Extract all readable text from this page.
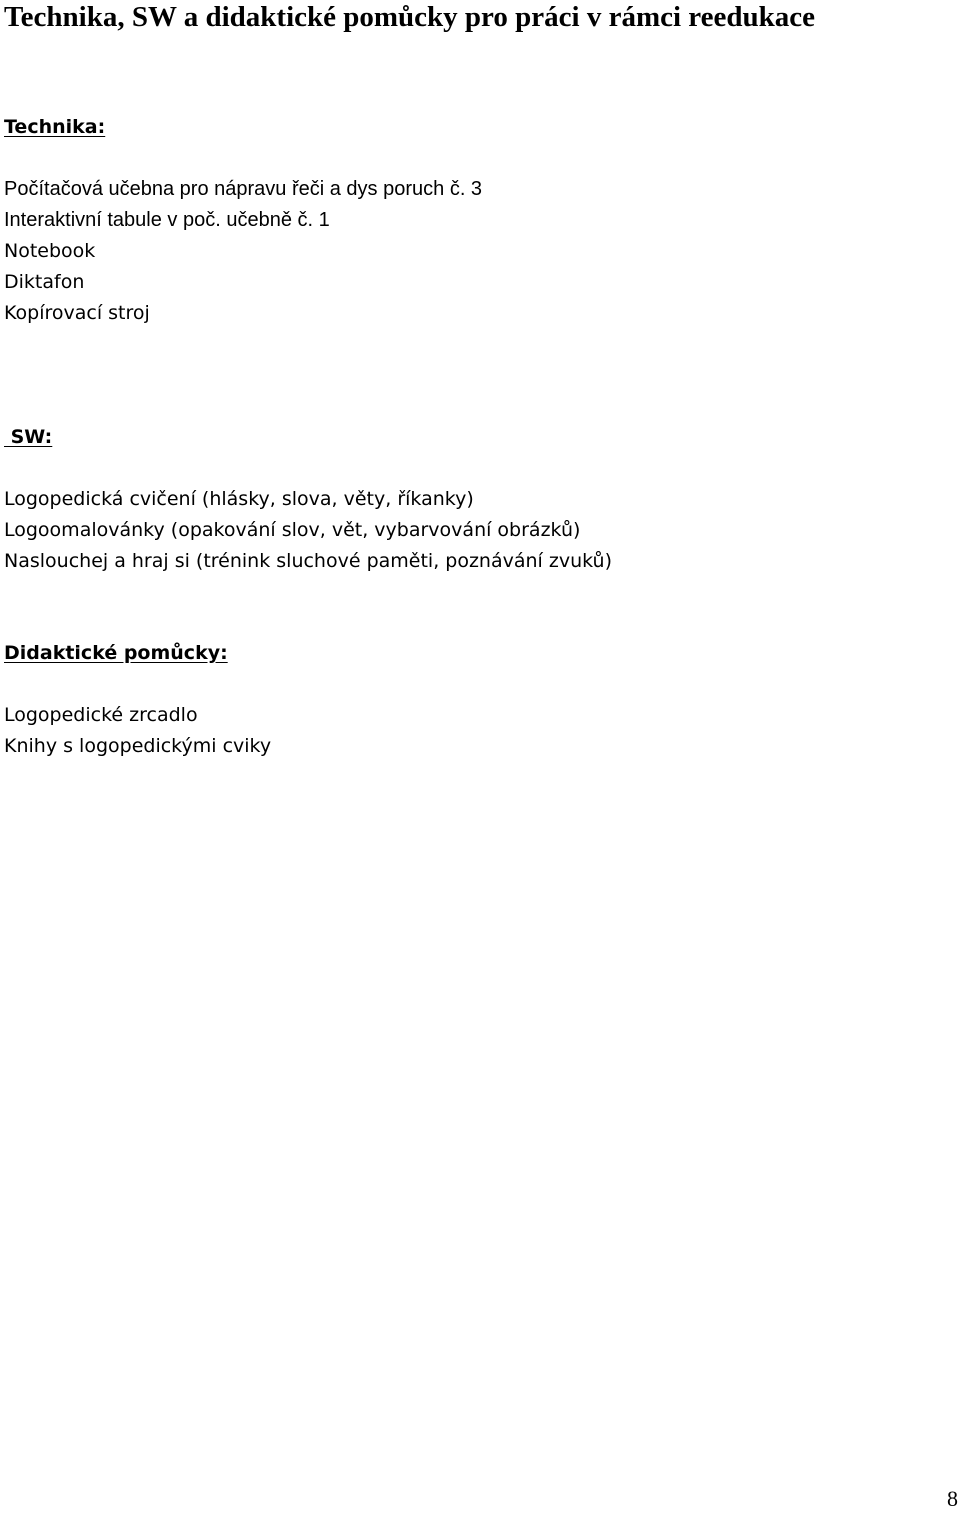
Technika, SW a didaktické pomůcky pro práci v rámci reedukace

Technika:

Počítačová učebna pro nápravu řeči a dys poruch č. 3
Interaktivní tabule v poč. učebně č. 1
Notebook
Diktafon
Kopírovací stroj

SW:

Logopedická cvičení (hlásky, slova, věty, říkanky)
Logoomalovánky (opakování slov, vět, vybarvování obrázků)
Naslouchej a hraj si (trénink sluchové paměti, poznávání zvuků)

Didaktické pomůcky:

Logopedické zrcadlo
Knihy s logopedickými cviky
8
